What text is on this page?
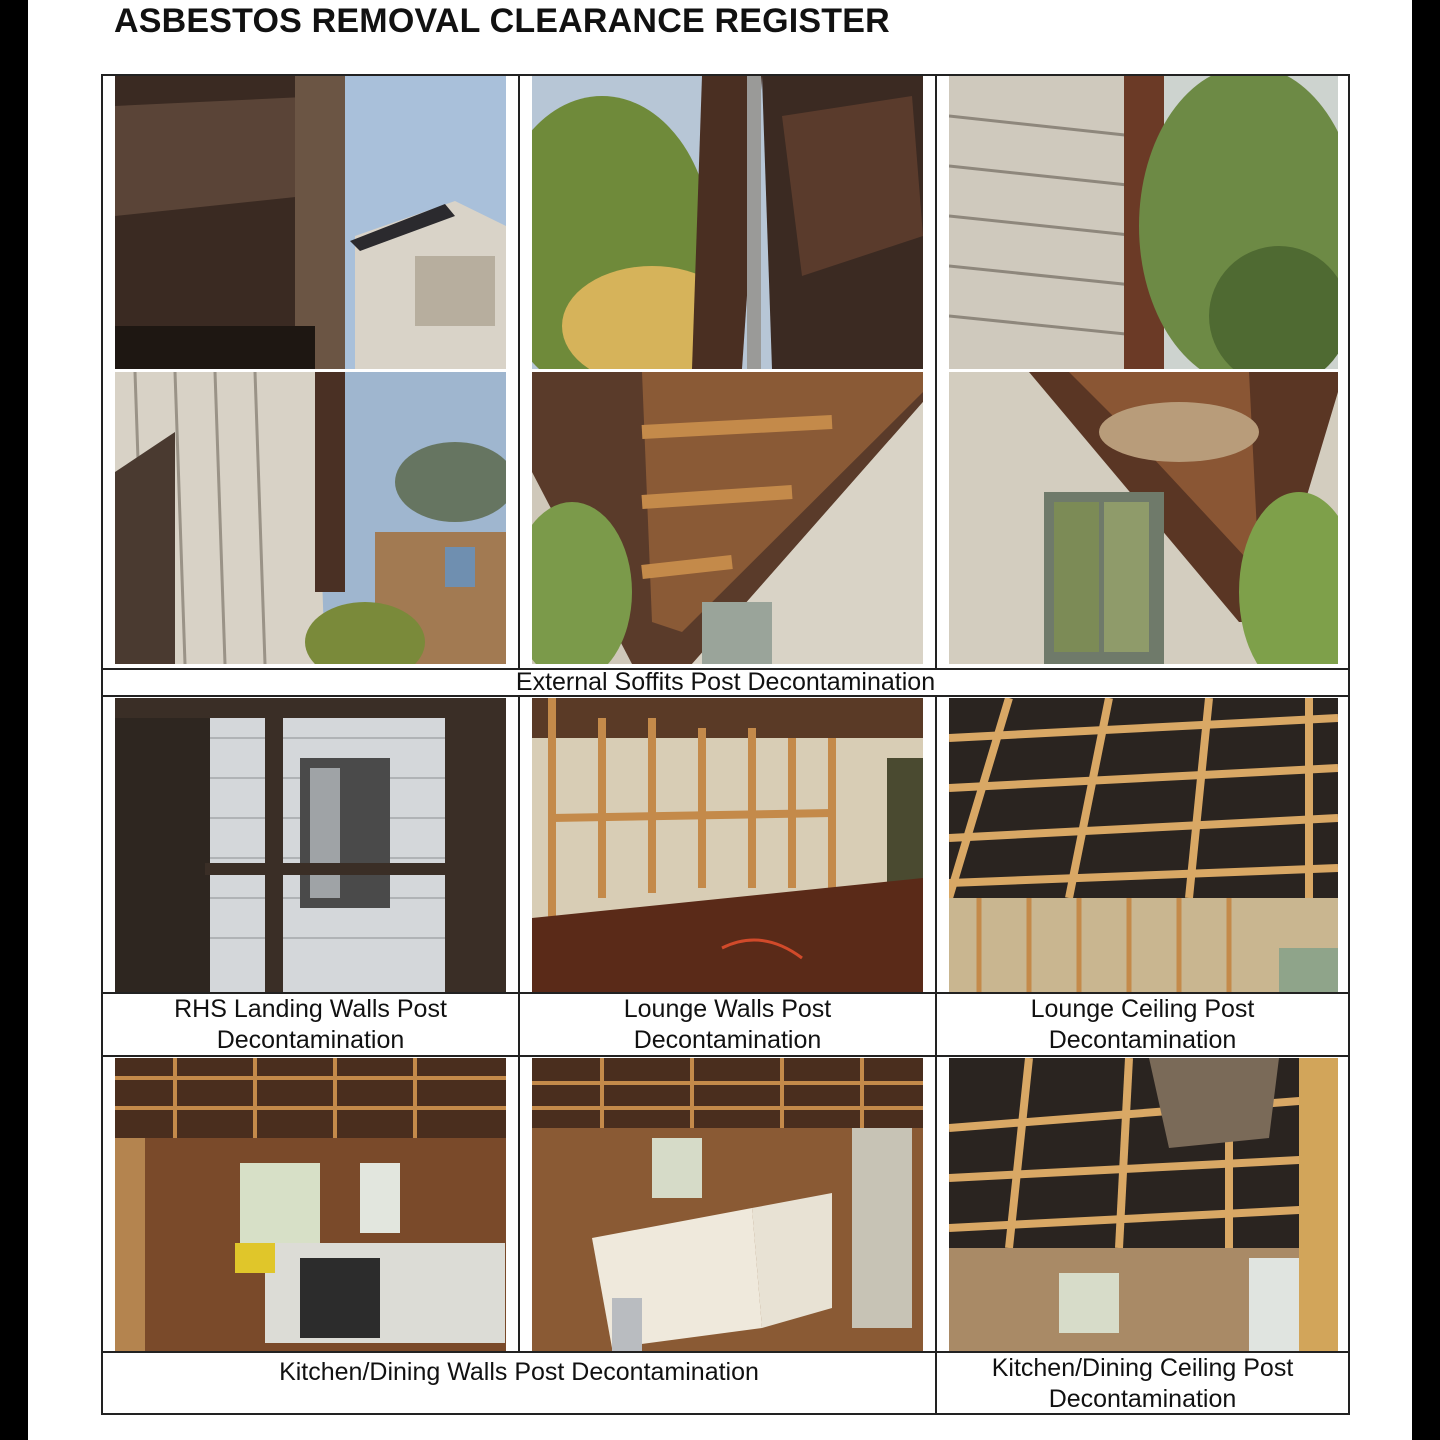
ASBESTOS REMOVAL CLEARANCE REGISTER
External Soffits Post Decontamination
RHS Landing Walls Post
Decontamination
Lounge Walls Post
Decontamination
Lounge Ceiling Post
Decontamination
Kitchen/Dining Walls Post Decontamination	Kitchen/Dining Ceiling Post
Decontamination
